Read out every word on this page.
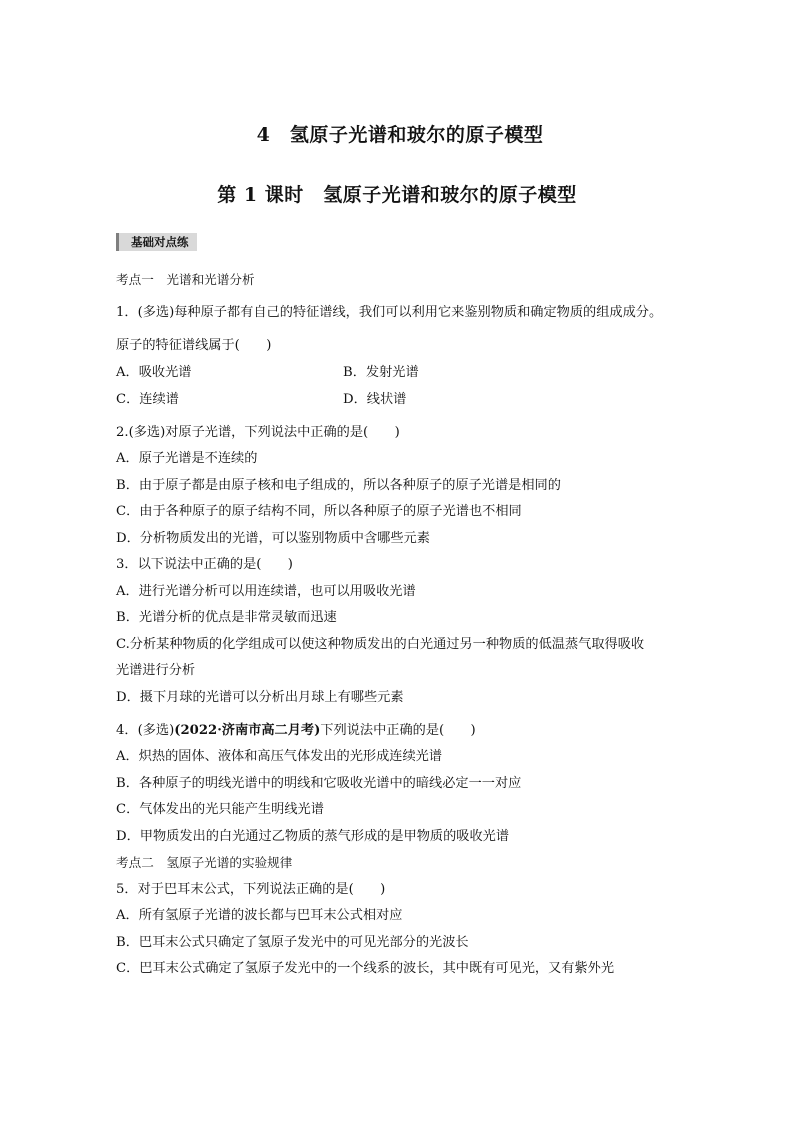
4　氢原子光谱和玻尔的原子模型
第 1 课时　氢原子光谱和玻尔的原子模型
基础对点练
考点一　光谱和光谱分析
1．(多选)每种原子都有自己的特征谱线，我们可以利用它来鉴别物质和确定物质的组成成分。
原子的特征谱线属于(　　)
A．吸收光谱	B．发射光谱
C．连续谱	D．线状谱
2.(多选)对原子光谱，下列说法中正确的是(　　)
A．原子光谱是不连续的
B．由于原子都是由原子核和电子组成的，所以各种原子的原子光谱是相同的
C．由于各种原子的原子结构不同，所以各种原子的原子光谱也不相同
D．分析物质发出的光谱，可以鉴别物质中含哪些元素
3．以下说法中正确的是(　　)
A．进行光谱分析可以用连续谱，也可以用吸收光谱
B．光谱分析的优点是非常灵敏而迅速
C.分析某种物质的化学组成可以使这种物质发出的白光通过另一种物质的低温蒸气取得吸收
光谱进行分析
D．摄下月球的光谱可以分析出月球上有哪些元素
4．(多选)(2022·济南市高二月考)下列说法中正确的是(　　)
A．炽热的固体、液体和高压气体发出的光形成连续光谱
B．各种原子的明线光谱中的明线和它吸收光谱中的暗线必定一一对应
C．气体发出的光只能产生明线光谱
D．甲物质发出的白光通过乙物质的蒸气形成的是甲物质的吸收光谱
考点二　氢原子光谱的实验规律
5．对于巴耳末公式，下列说法正确的是(　　)
A．所有氢原子光谱的波长都与巴耳末公式相对应
B．巴耳末公式只确定了氢原子发光中的可见光部分的光波长
C．巴耳末公式确定了氢原子发光中的一个线系的波长，其中既有可见光，又有紫外光
